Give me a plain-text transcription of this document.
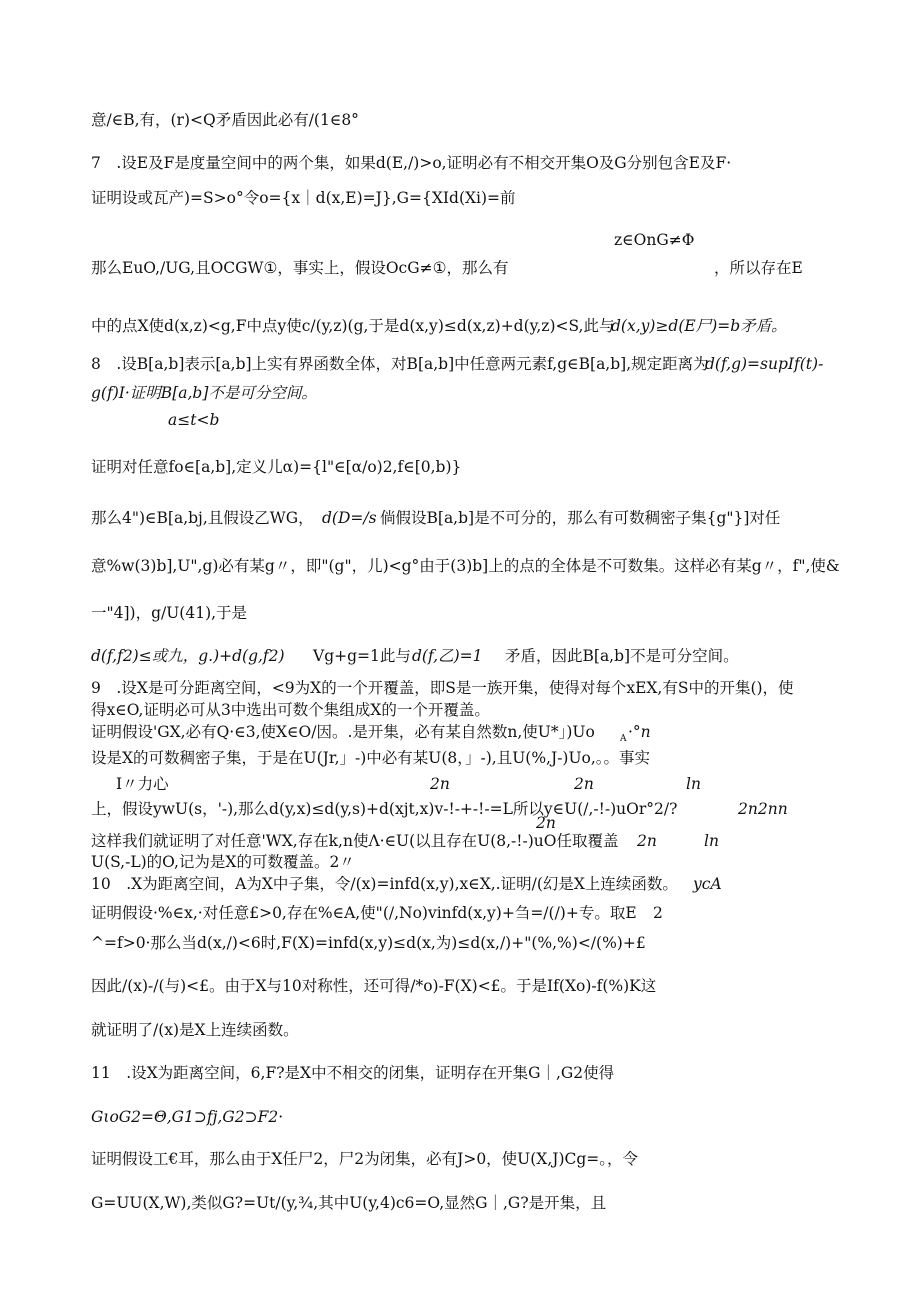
意/∈B,有，(r)<Q矛盾因此必有/(1∈8°
7　.设E及F是度量空间中的两个集，如果d(E,/)>o,证明必有不相交开集O及G分别包含E及F·
证明设或瓦产)=S>o°令o={x｜d(x,E)=J},G={XId(Xi)=前
z∈OnG≠Φ
那么EuO,/UG,且OCGW①，事实上，假设OcG≠①，那么有	，所以存在E
中的点X使d(x,z)<g,F中点y使c/(y,z)(g,于是d(x,y)≤d(x,z)+d(y,z)<S,此与
d(x,y)≥d(E尸)=b矛盾。
8　.设B[a,b]表示[a,b]上实有界函数全体，对B[a,b]中任意两元素f,g∈B[a,b],规定距离为
d(f,g)=supIf(t)-
g(f)I·证明B[a,b]不是可分空间。
a≤t<b
证明对任意fo∈[a,b],定义儿α)={l"∈[α/o)2,f∈[0,b)}
那么4")∈B[a,bj,且假设乙WG， d(D=/s 倘假设B[a,b]是不可分的，那么有可数稠密子集{g"}]对任
意%w(3)b],U",g)必有某g〃，即"(g"，儿)<g°由于(3)b]上的点的全体是不可数集。这样必有某g〃，f",使&
一"4])，g/U(41),于是
d(f,f2)≤或九，g.)+d(g,f2) Vg+g=1此与 d(f,乙)=1 矛盾，因此B[a,b]不是可分空间。
9　.设X是可分距离空间，<9为X的一个开覆盖，即S是一族开集，使得对每个xEX,有S中的开集()，使
得x∈O,证明必可从3中选出可数个集组成X的一个开覆盖。
证明假设'GX,必有Q·∈3,使X∈O/因。.是开集，必有某自然数n,使U*」)Uo	A ·°n
设是X的可数稠密子集，于是在U(Jr,」-)中必有某U(8，」-),且U(%,J-)Uo,。。事实
I〃力心	2n	2n	ln
上，假设ywU(s，'-),那么d(y,x)≤d(y,s)+d(xjt,x)v-!-+-!-=L所以y∈U(/,-!-)uOr°2/?	2n2nn
2n
这样我们就证明了对任意'WX,存在k,n使Λ·∈U(以且存在U(8,-!-)uO任取覆盖 2n	ln
U(S,-L)的O,记为是X的可数覆盖。2〃
10　.X为距离空间，A为X中子集，令/(x)=infd(x,y),x∈X,.证明/(幻是X上连续函数。 ycA
证明假设·%∈x,·对任意£>0,存在%∈A,使"(/,No)vinfd(x,y)+刍=/(/)+专。取E 2
^=f>0·那么当d(x,/)<6时,F(X)=infd(x,y)≤d(x,为)≤d(x,/)+"(%,%)</(%)+£
因此/(x)-/(与)<£。由于X与10对称性，还可得/*o)-F(X)<£。于是If(Xo)-f(%)K这
就证明了/(x)是X上连续函数。
11　.设X为距离空间，6,F?是X中不相交的闭集，证明存在开集G｜,G2使得
GιoG2=Θ,G1⊃fj,G2⊃F2·
证明假设工€耳，那么由于X任尸2，尸2为闭集，必有J>0，使U(X,J)Cg=。，令
G=UU(X,W),类似G?=Ut/(y,¾,其中U(y,4)c6=O,显然G｜,G?是开集，且
